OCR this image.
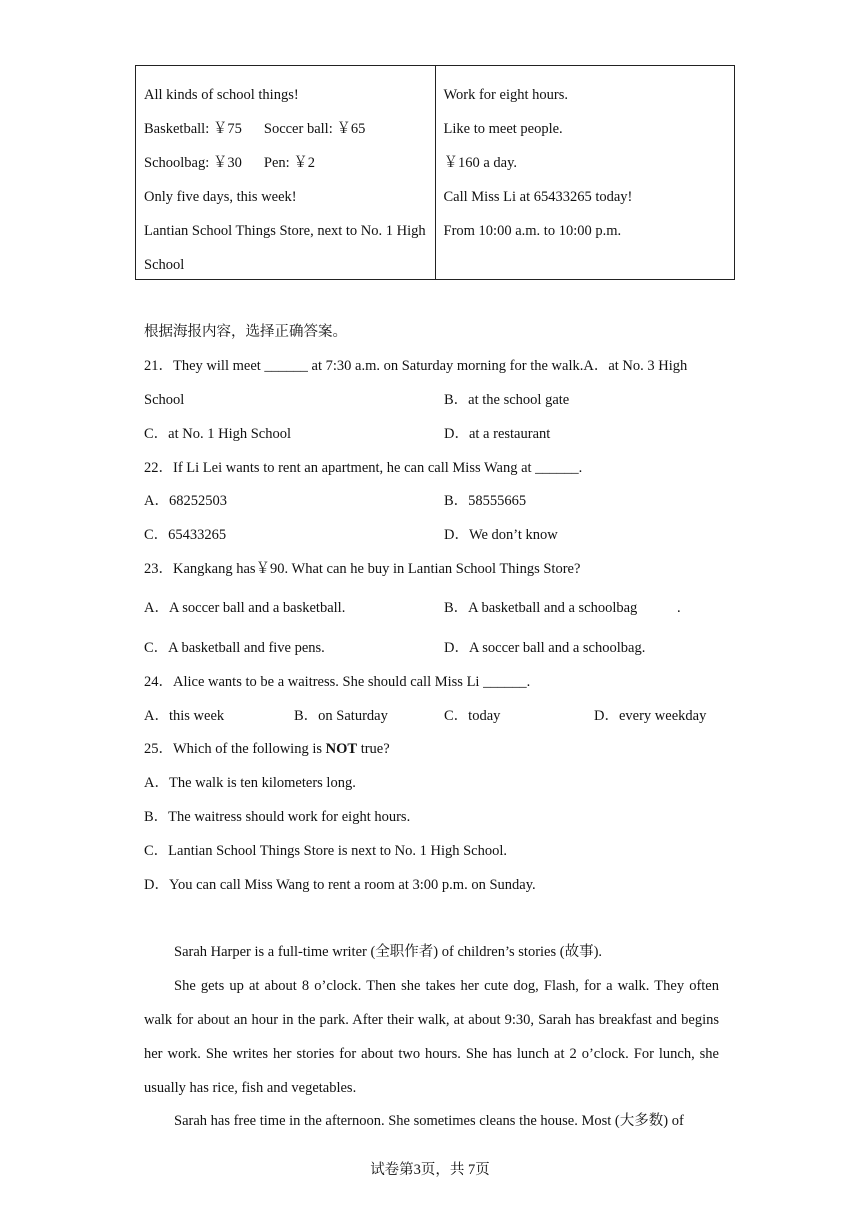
All kinds of school things!
Basketball: ￥75 Soccer ball: ￥65
Schoolbag: ￥30 Pen: ￥2
Only five days, this week!
Lantian School Things Store, next to No. 1 High School
Work for eight hours.
Like to meet people.
￥160 a day.
Call Miss Li at 65433265 today!
From 10:00 a.m. to 10:00 p.m.
根据海报内容，选择正确答案。
21．They will meet ______ at 7:30 a.m. on Saturday morning for the walk.A．at No. 3 High
School	B．at the school gate
C．at No. 1 High School	D．at a restaurant
22．If Li Lei wants to rent an apartment, he can call Miss Wang at ______.
A．68252503	B．58555665
C．65433265	D．We don’t know
23．Kangkang has￥90. What can he buy in Lantian School Things Store?
A．A soccer ball and a basketball.	B．A basketball and a schoolbag	.
C．A basketball and five pens.	D．A soccer ball and a schoolbag.
24．Alice wants to be a waitress. She should call Miss Li ______.
A．this week	B．on Saturday	C．today	D．every weekday
25．Which of the following is NOT true?
A．The walk is ten kilometers long.
B．The waitress should work for eight hours.
C．Lantian School Things Store is next to No. 1 High School.
D．You can call Miss Wang to rent a room at 3:00 p.m. on Sunday.
Sarah Harper is a full-time writer (全职作者) of children’s stories (故事).
She gets up at about 8 o’clock. Then she takes her cute dog, Flash, for a walk. They often walk for about an hour in the park. After their walk, at about 9:30, Sarah has breakfast and begins her work. She writes her stories for about two hours. She has lunch at 2 o’clock. For lunch, she usually has rice, fish and vegetables.
Sarah has free time in the afternoon. She sometimes cleans the house. Most (大多数) of
试卷第3页，共 7页
